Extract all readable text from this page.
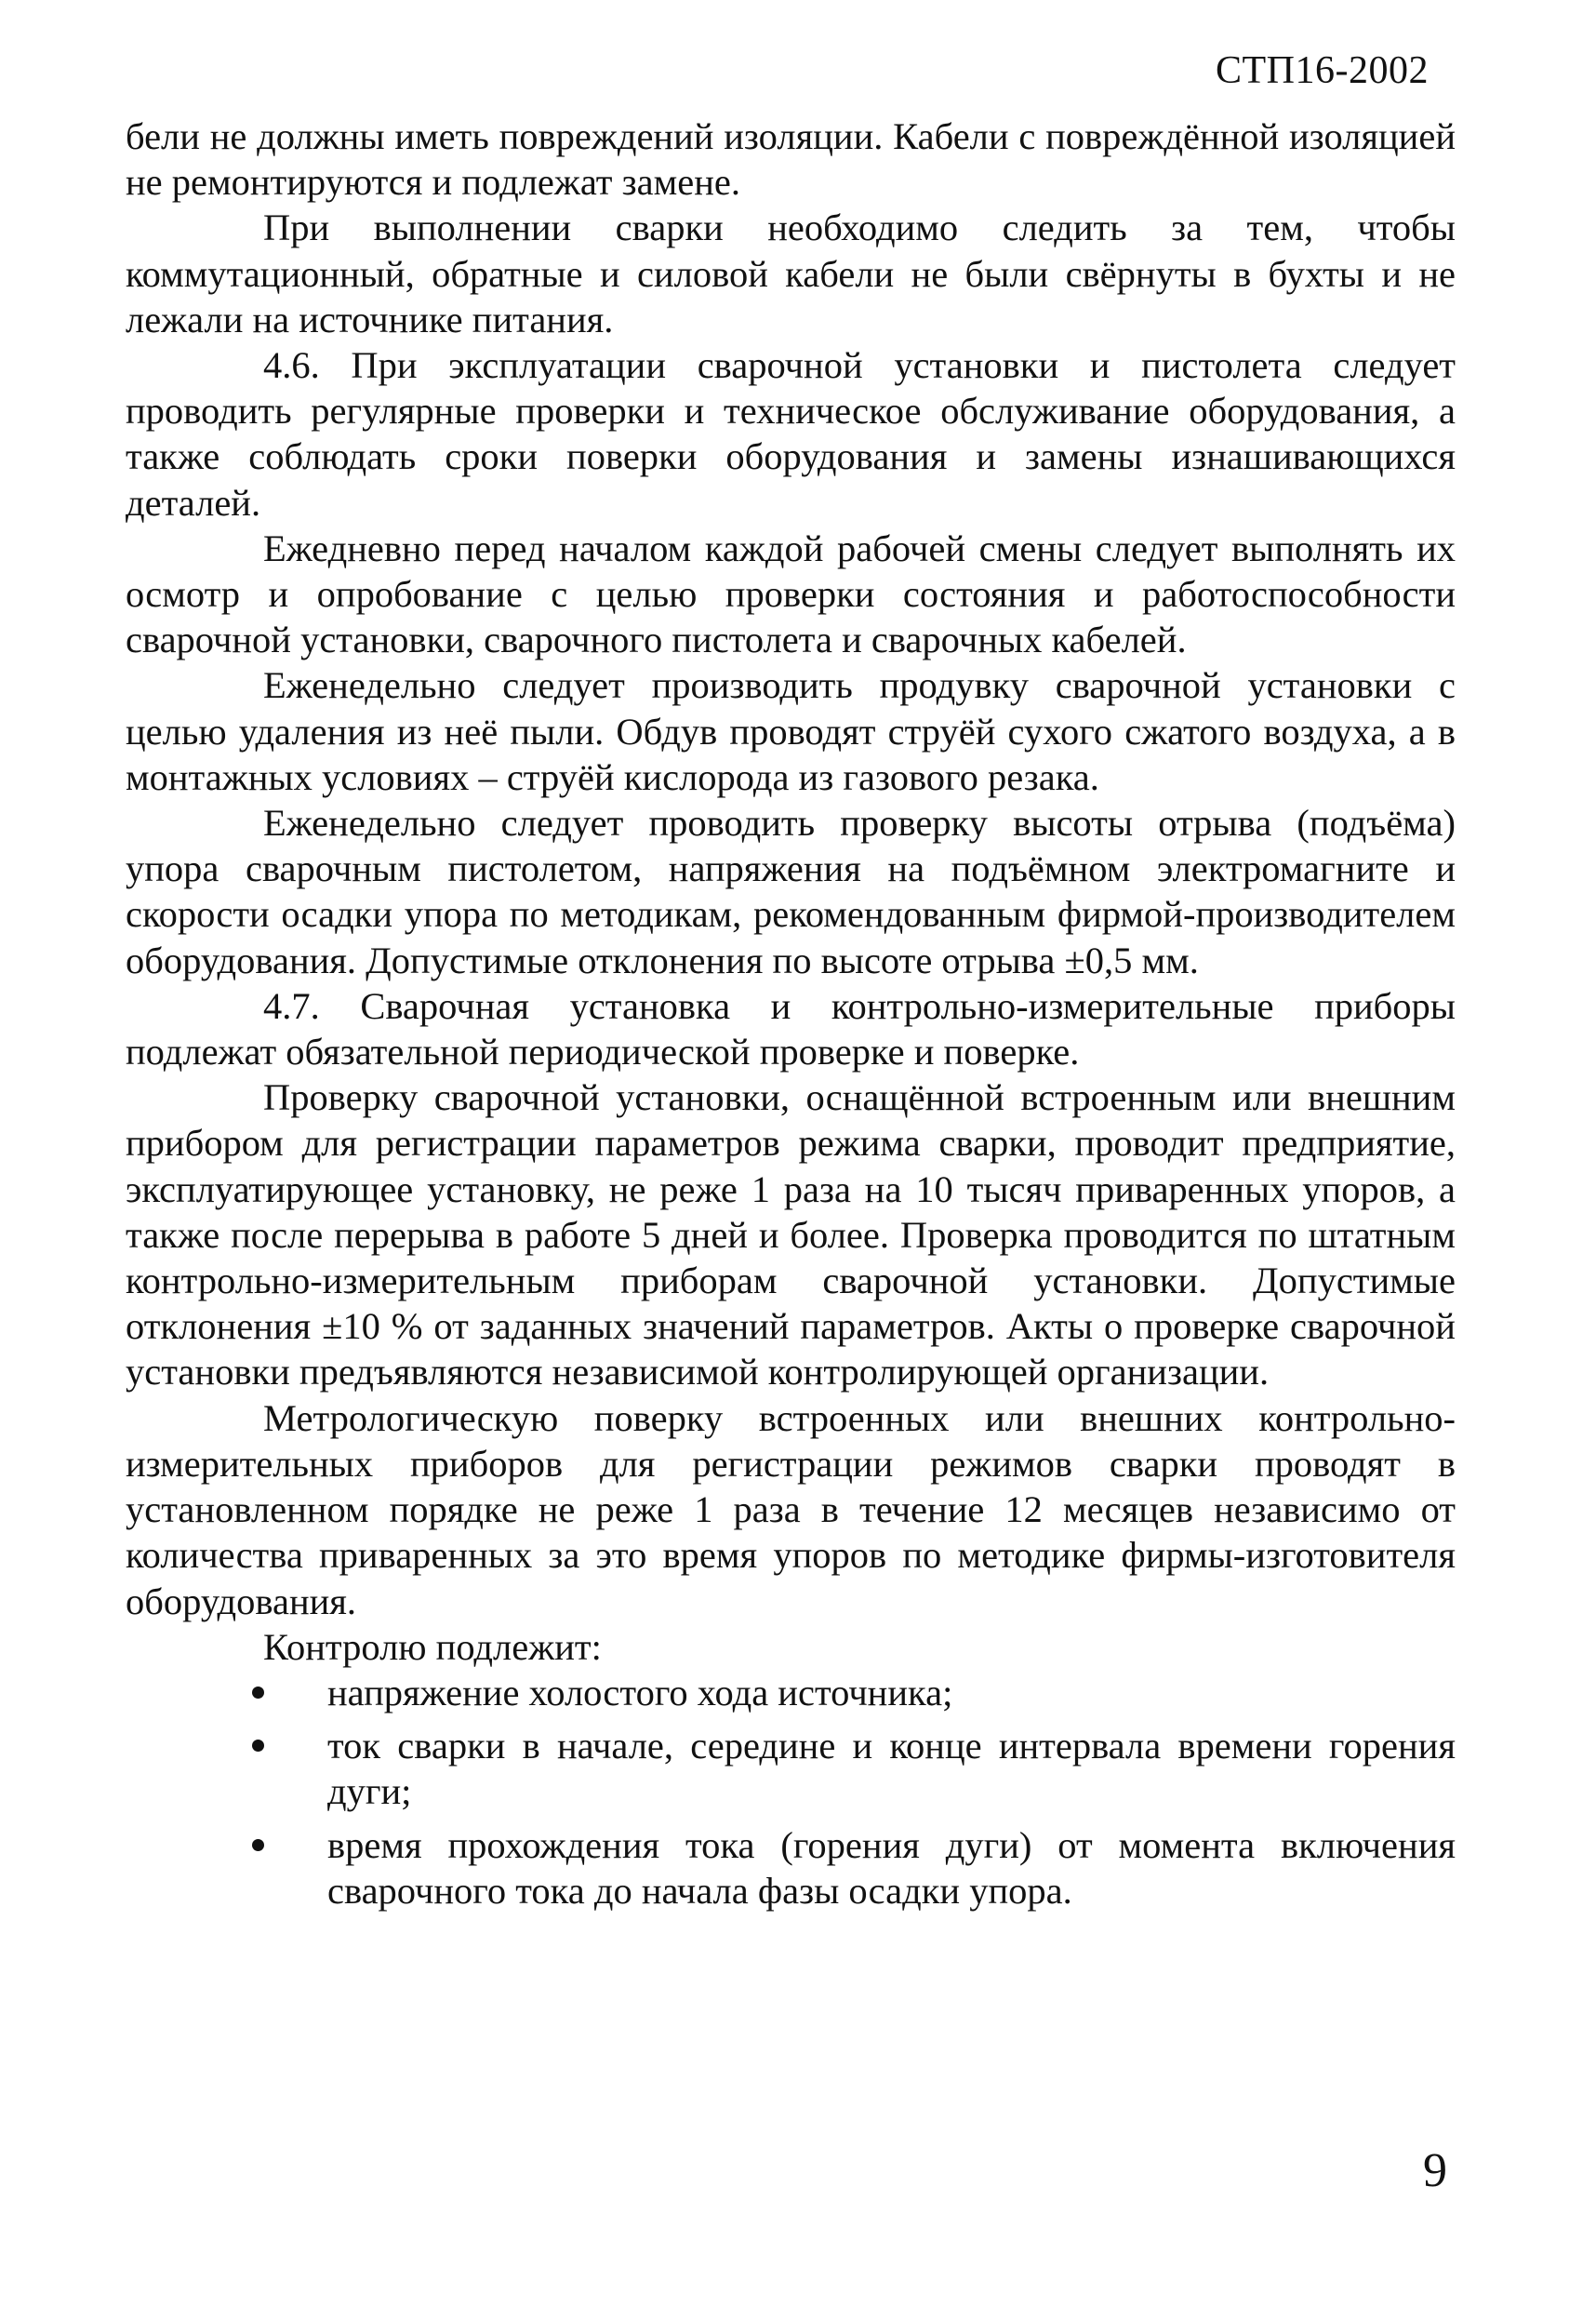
СТП16-2002

бели не должны иметь повреждений изоляции. Кабели с повреждённой изоляцией не ремонтируются и подлежат замене.

При выполнении сварки необходимо следить за тем, чтобы коммутационный, обратные и силовой кабели не были свёрнуты в бухты и не лежали на источнике питания.

4.6. При эксплуатации сварочной установки и пистолета следует проводить регулярные проверки и техническое обслуживание оборудования, а также соблюдать сроки поверки оборудования и замены изнашивающихся деталей.

Ежедневно перед началом каждой рабочей смены следует выполнять их осмотр и опробование с целью проверки состояния и работоспособности сварочной установки, сварочного пистолета и сварочных кабелей.

Еженедельно следует производить продувку сварочной установки с целью удаления из неё пыли. Обдув проводят струёй сухого сжатого воздуха, а в монтажных условиях – струёй кислорода из газового резака.

Еженедельно следует проводить проверку высоты отрыва (подъёма) упора сварочным пистолетом, напряжения на подъёмном электромагните и скорости осадки упора по методикам, рекомендованным фирмой-производителем оборудования. Допустимые отклонения по высоте отрыва ±0,5 мм.

4.7. Сварочная установка и контрольно-измерительные приборы подлежат обязательной периодической проверке и поверке.

Проверку сварочной установки, оснащённой встроенным или внешним прибором для регистрации параметров режима сварки, проводит предприятие, эксплуатирующее установку, не реже 1 раза на 10 тысяч приваренных упоров, а также после перерыва в работе 5 дней и более. Проверка проводится по штатным контрольно-измерительным приборам сварочной установки. Допустимые отклонения ±10 % от заданных значений параметров. Акты о проверке сварочной установки предъявляются независимой контролирующей организации.

Метрологическую поверку встроенных или внешних контрольно-измерительных приборов для регистрации режимов сварки проводят в установленном порядке не реже 1 раза в течение 12 месяцев независимо от количества приваренных за это время упоров по методике фирмы-изготовителя оборудования.

Контролю подлежит:

напряжение холостого хода источника;
ток сварки в начале, середине и конце интервала времени горения дуги;
время прохождения тока (горения дуги) от момента включения сварочного тока до начала фазы осадки упора.
9
